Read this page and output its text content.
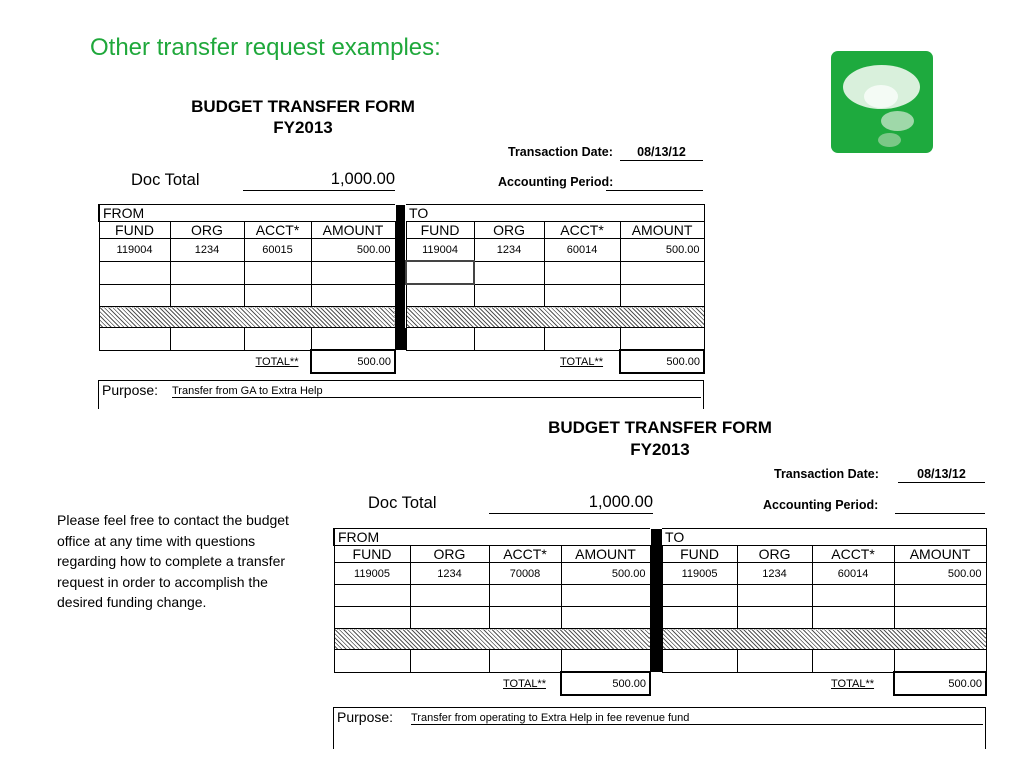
Other transfer request examples:
BUDGET TRANSFER FORM
FY2013
Transaction Date:	08/13/12
Doc Total	1,000.00	Accounting Period:
FROM					TO			
FUND	ORG	ACCT*	AMOUNT		FUND	ORG	ACCT*	AMOUNT
119004	1234	60015	500.00		119004	1234	60014	500.00

		TOTAL**	500.00				TOTAL**	500.00
Purpose: Transfer from GA to Extra Help
BUDGET TRANSFER FORM
FY2013
Transaction Date:	08/13/12
Doc Total	1,000.00	Accounting Period:
FROM					TO			
FUND	ORG	ACCT*	AMOUNT		FUND	ORG	ACCT*	AMOUNT
119005	1234	70008	500.00		119005	1234	60014	500.00

		TOTAL**	500.00				TOTAL**	500.00
Purpose: Transfer from operating to Extra Help in fee revenue fund
Please feel free to contact the budget office at any time with questions regarding how to complete a transfer request in order to accomplish the desired funding change.
